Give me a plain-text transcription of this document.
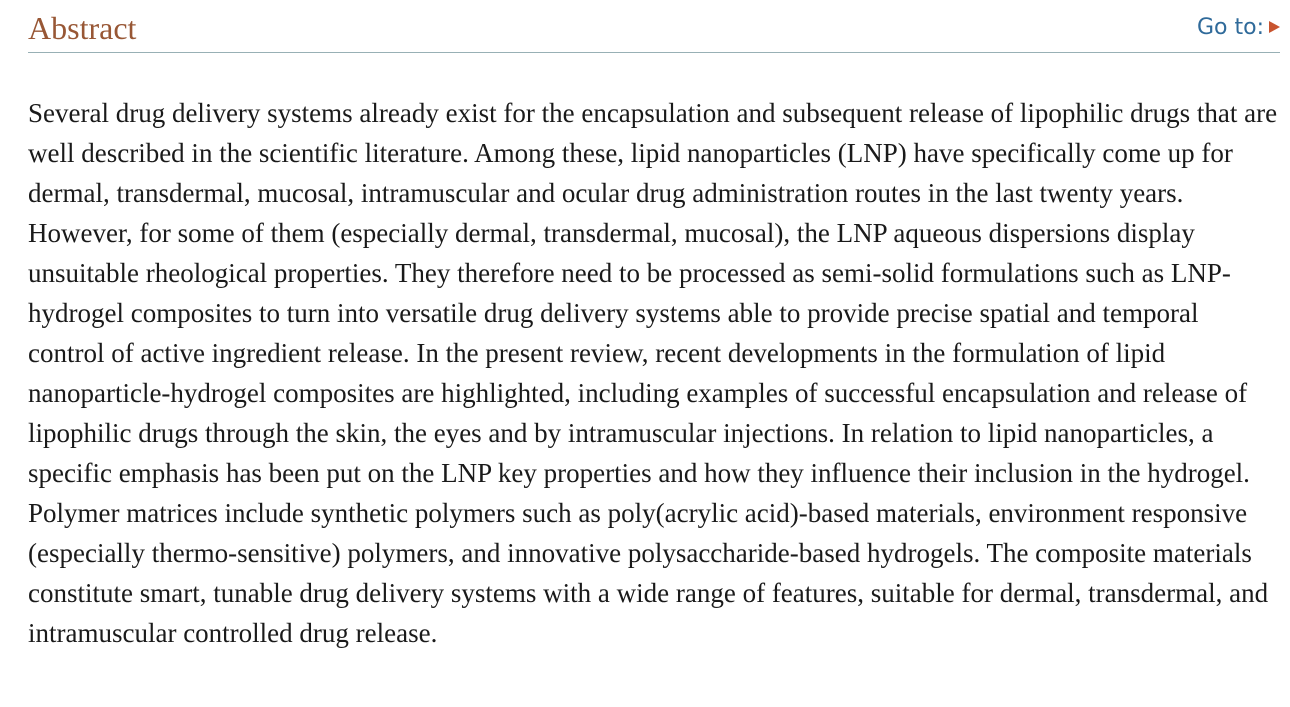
Abstract	Go to:

Several drug delivery systems already exist for the encapsulation and subsequent release of lipophilic drugs that are well described in the scientific literature. Among these, lipid nanoparticles (LNP) have specifically come up for dermal, transdermal, mucosal, intramuscular and ocular drug administration routes in the last twenty years. However, for some of them (especially dermal, transdermal, mucosal), the LNP aqueous dispersions display unsuitable rheological properties. They therefore need to be processed as semi-solid formulations such as LNP-hydrogel composites to turn into versatile drug delivery systems able to provide precise spatial and temporal control of active ingredient release. In the present review, recent developments in the formulation of lipid nanoparticle-hydrogel composites are highlighted, including examples of successful encapsulation and release of lipophilic drugs through the skin, the eyes and by intramuscular injections. In relation to lipid nanoparticles, a specific emphasis has been put on the LNP key properties and how they influence their inclusion in the hydrogel. Polymer matrices include synthetic polymers such as poly(acrylic acid)-based materials, environment responsive (especially thermo-sensitive) polymers, and innovative polysaccharide-based hydrogels. The composite materials constitute smart, tunable drug delivery systems with a wide range of features, suitable for dermal, transdermal, and intramuscular controlled drug release.
